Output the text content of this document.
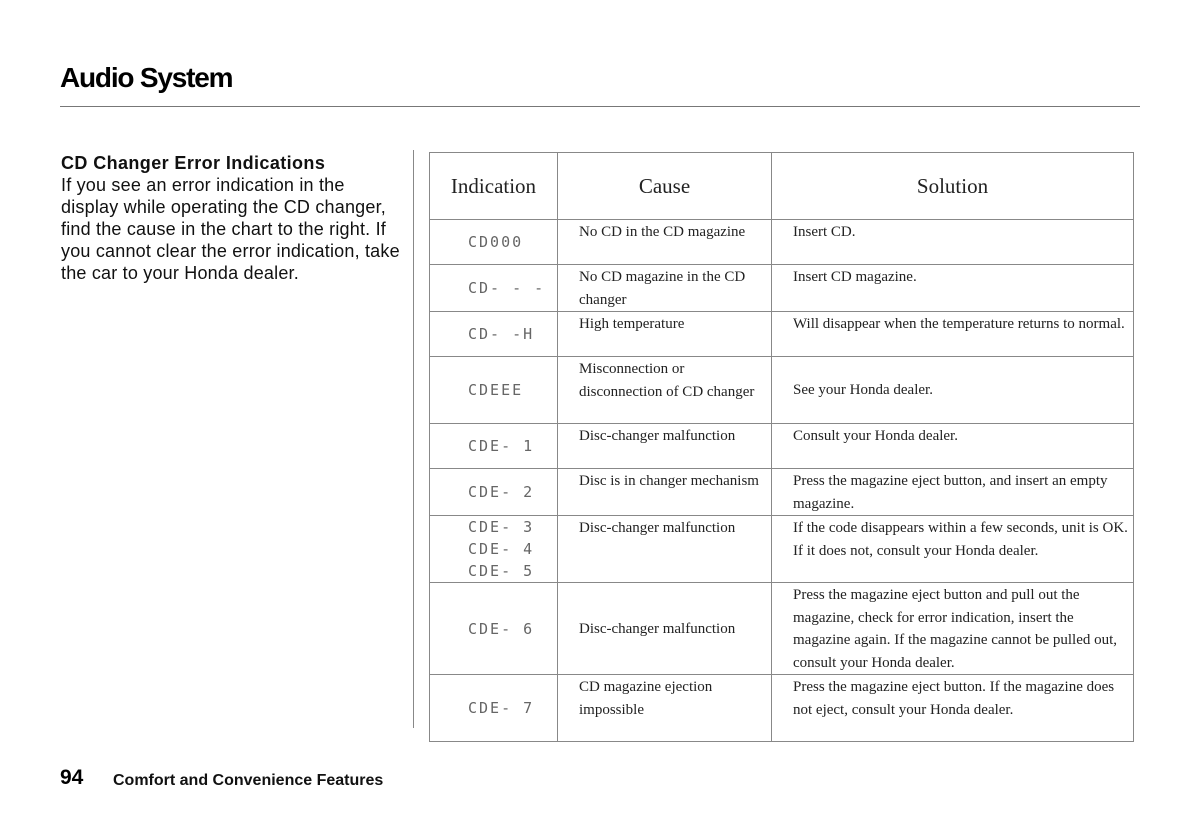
Audio System
CD Changer Error Indications

If you see an error indication in the display while operating the CD changer, find the cause in the chart to the right. If you cannot clear the error indication, take the car to your Honda dealer.

Indication	Cause	Solution

CD000	No CD in the CD magazine	Insert CD.

CD- - -	No CD magazine in the CD changer	Insert CD magazine.

CD- -H	High temperature	Will disappear when the temperature returns to normal.

CDEEE	Misconnection or disconnection of CD changer	See your Honda dealer.

CDE- 1	Disc-changer malfunction	Consult your Honda dealer.

CDE- 2	Disc is in changer mechanism	Press the magazine eject button, and insert an empty magazine.

CDE- 3
CDE- 4
CDE- 5	Disc-changer malfunction	If the code disappears within a few seconds, unit is OK. If it does not, consult your Honda dealer.

CDE- 6	Disc-changer malfunction	Press the magazine eject button and pull out the magazine, check for error indication, insert the magazine again. If the magazine cannot be pulled out, consult your Honda dealer.

CDE- 7	CD magazine ejection impossible	Press the magazine eject button. If the magazine does not eject, consult your Honda dealer.
94 Comfort and Convenience Features
